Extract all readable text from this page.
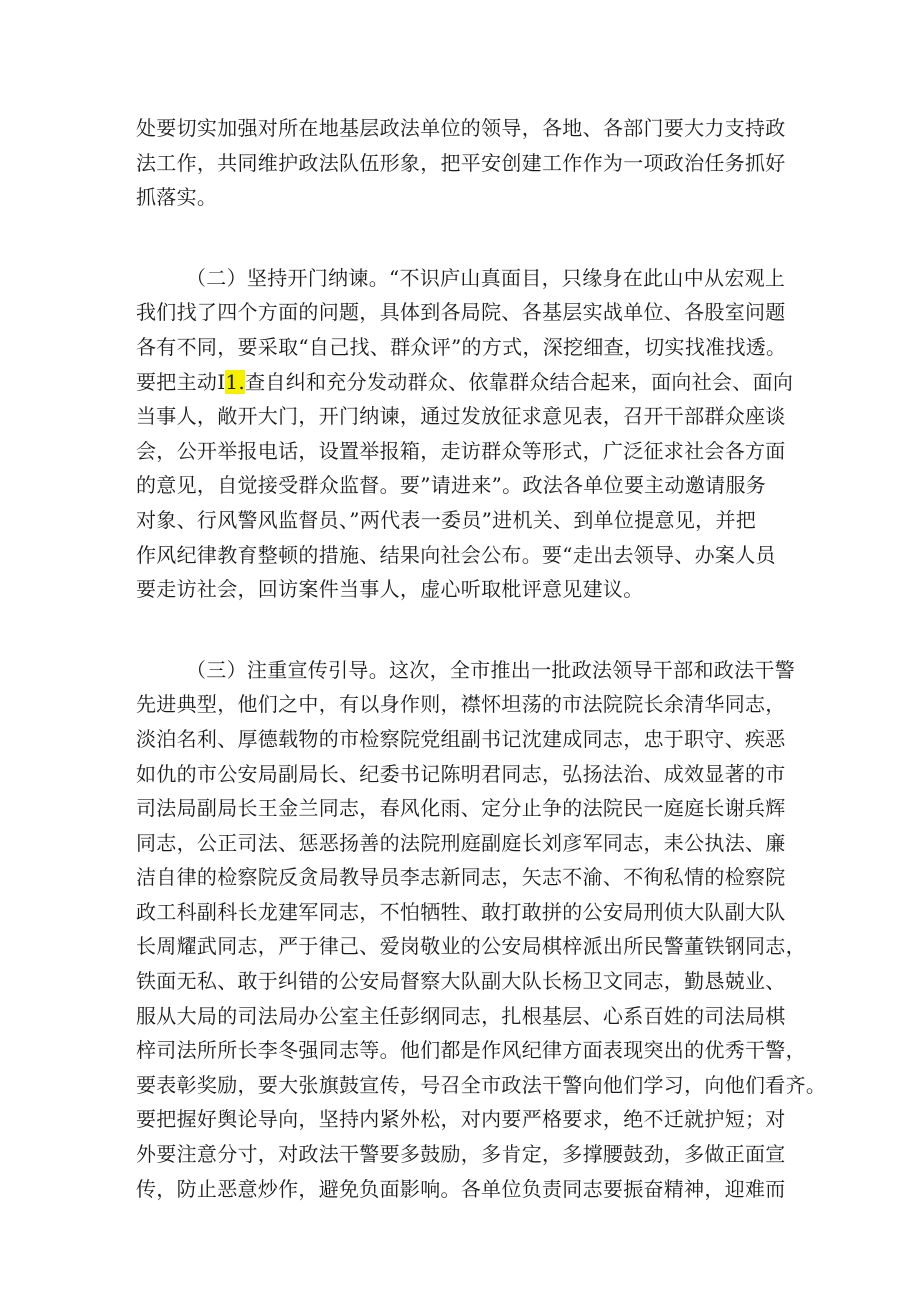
处要切实加强对所在地基层政法单位的领导，各地、各部门要大力支持政
法工作，共同维护政法队伍形象，把平安创建工作作为一项政治任务抓好
抓落实。
（二）坚持开门纳谏。“不识庐山真面目，只缘身在此山中从宏观上
我们找了四个方面的问题，具体到各局院、各基层实战单位、各股室问题
各有不同，要采取“自己找、群众评”的方式，深挖细查，切实找准找透。
要把主动I1.查自纠和充分发动群众、依靠群众结合起来，面向社会、面向
当事人，敞开大门，开门纳谏，通过发放征求意见表，召开干部群众座谈
会，公开举报电话，设置举报箱，走访群众等形式，广泛征求社会各方面
的意见，自觉接受群众监督。要”请进来”。政法各单位要主动邀请服务
对象、行风警风监督员、”两代表一委员”进机关、到单位提意见，并把
作风纪律教育整顿的措施、结果向社会公布。要“走出去领导、办案人员
要走访社会，回访案件当事人，虚心听取枇评意见建议。
（三）注重宣传引导。这次，全市推出一批政法领导干部和政法干警
先进典型，他们之中，有以身作则，襟怀坦荡的市法院院长余清华同志，
淡泊名利、厚德载物的市检察院党组副书记沈建成同志，忠于职守、疾恶
如仇的市公安局副局长、纪委书记陈明君同志，弘扬法治、成效显著的市
司法局副局长王金兰同志，春风化雨、定分止争的法院民一庭庭长谢兵辉
同志，公正司法、惩恶扬善的法院刑庭副庭长刘彦军同志，耒公执法、廉
洁自律的检察院反贪局教导员李志新同志，矢志不渝、不徇私情的检察院
政工科副科长龙建军同志，不怕牺牲、敢打敢拼的公安局刑侦大队副大队
长周耀武同志，严于律己、爱岗敬业的公安局棋梓派出所民警董铁钢同志，
铁面无私、敢于纠错的公安局督察大队副大队长杨卫文同志，勤恳兢业、
服从大局的司法局办公室主任彭纲同志，扎根基层、心系百姓的司法局棋
梓司法所所长李冬强同志等。他们都是作风纪律方面表现突出的优秀干警，
要表彰奖励，要大张旗鼓宣传，号召全市政法干警向他们学习，向他们看齐。
要把握好舆论导向，坚持内紧外松，对内要严格要求，绝不迁就护短；对
外要注意分寸，对政法干警要多鼓励，多肯定，多撑腰鼓劲，多做正面宣
传，防止恶意炒作，避免负面影响。各单位负责同志要振奋精神，迎难而
